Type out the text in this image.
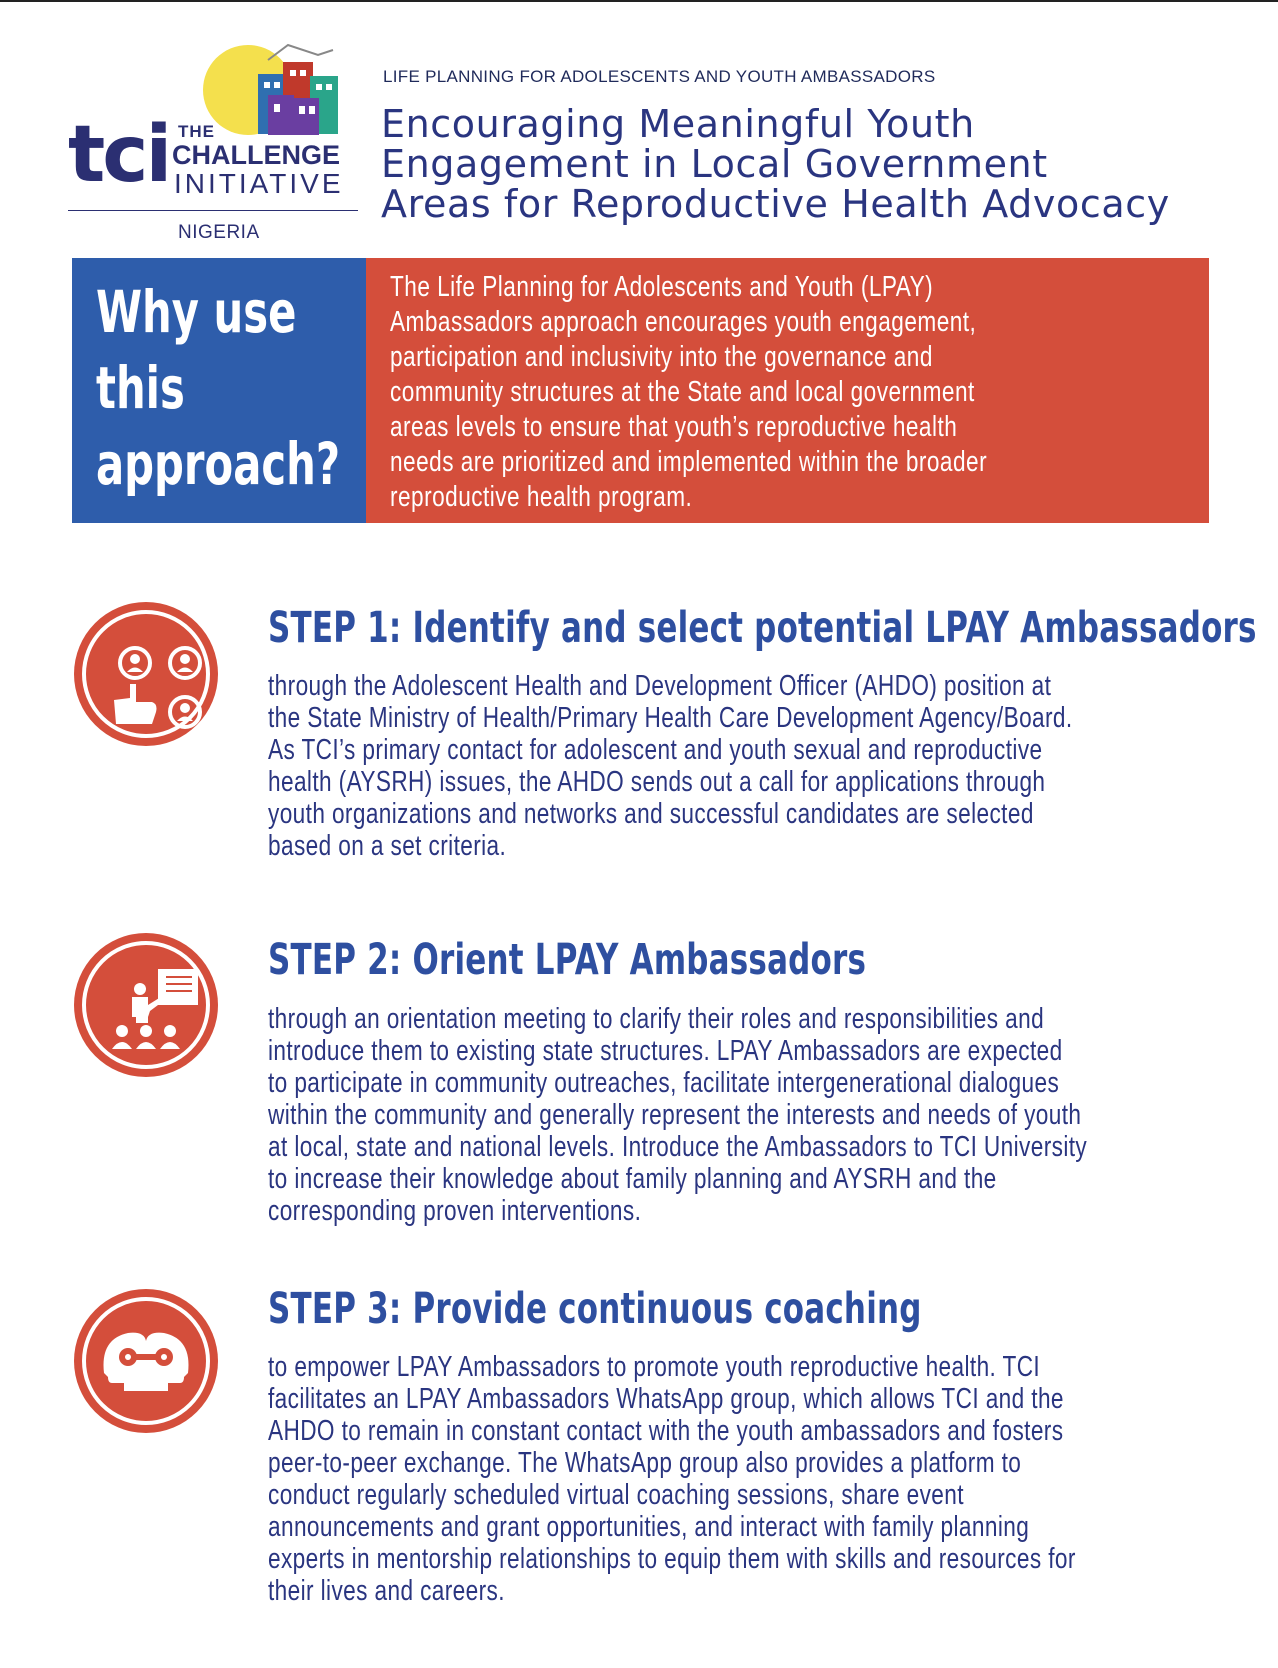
tci THE
CHALLENGE
INITIATIVE
NIGERIA
LIFE PLANNING FOR ADOLESCENTS AND YOUTH AMBASSADORS
Encouraging Meaningful Youth
Engagement in Local Government
Areas for Reproductive Health Advocacy
Why use
this
approach?
The Life Planning for Adolescents and Youth (LPAY)
Ambassadors approach encourages youth engagement,
participation and inclusivity into the governance and
community structures at the State and local government
areas levels to ensure that youth’s reproductive health
needs are prioritized and implemented within the broader
reproductive health program.
STEP 1: Identify and select potential LPAY Ambassadors
through the Adolescent Health and Development Officer (AHDO) position at
the State Ministry of Health/Primary Health Care Development Agency/Board.
As TCI’s primary contact for adolescent and youth sexual and reproductive
health (AYSRH) issues, the AHDO sends out a call for applications through
youth organizations and networks and successful candidates are selected
based on a set criteria.
STEP 2: Orient LPAY Ambassadors
through an orientation meeting to clarify their roles and responsibilities and
introduce them to existing state structures. LPAY Ambassadors are expected
to participate in community outreaches, facilitate intergenerational dialogues
within the community and generally represent the interests and needs of youth
at local, state and national levels. Introduce the Ambassadors to TCI University
to increase their knowledge about family planning and AYSRH and the
corresponding proven interventions.
STEP 3: Provide continuous coaching
to empower LPAY Ambassadors to promote youth reproductive health. TCI
facilitates an LPAY Ambassadors WhatsApp group, which allows TCI and the
AHDO to remain in constant contact with the youth ambassadors and fosters
peer-to-peer exchange. The WhatsApp group also provides a platform to
conduct regularly scheduled virtual coaching sessions, share event
announcements and grant opportunities, and interact with family planning
experts in mentorship relationships to equip them with skills and resources for
their lives and careers.
